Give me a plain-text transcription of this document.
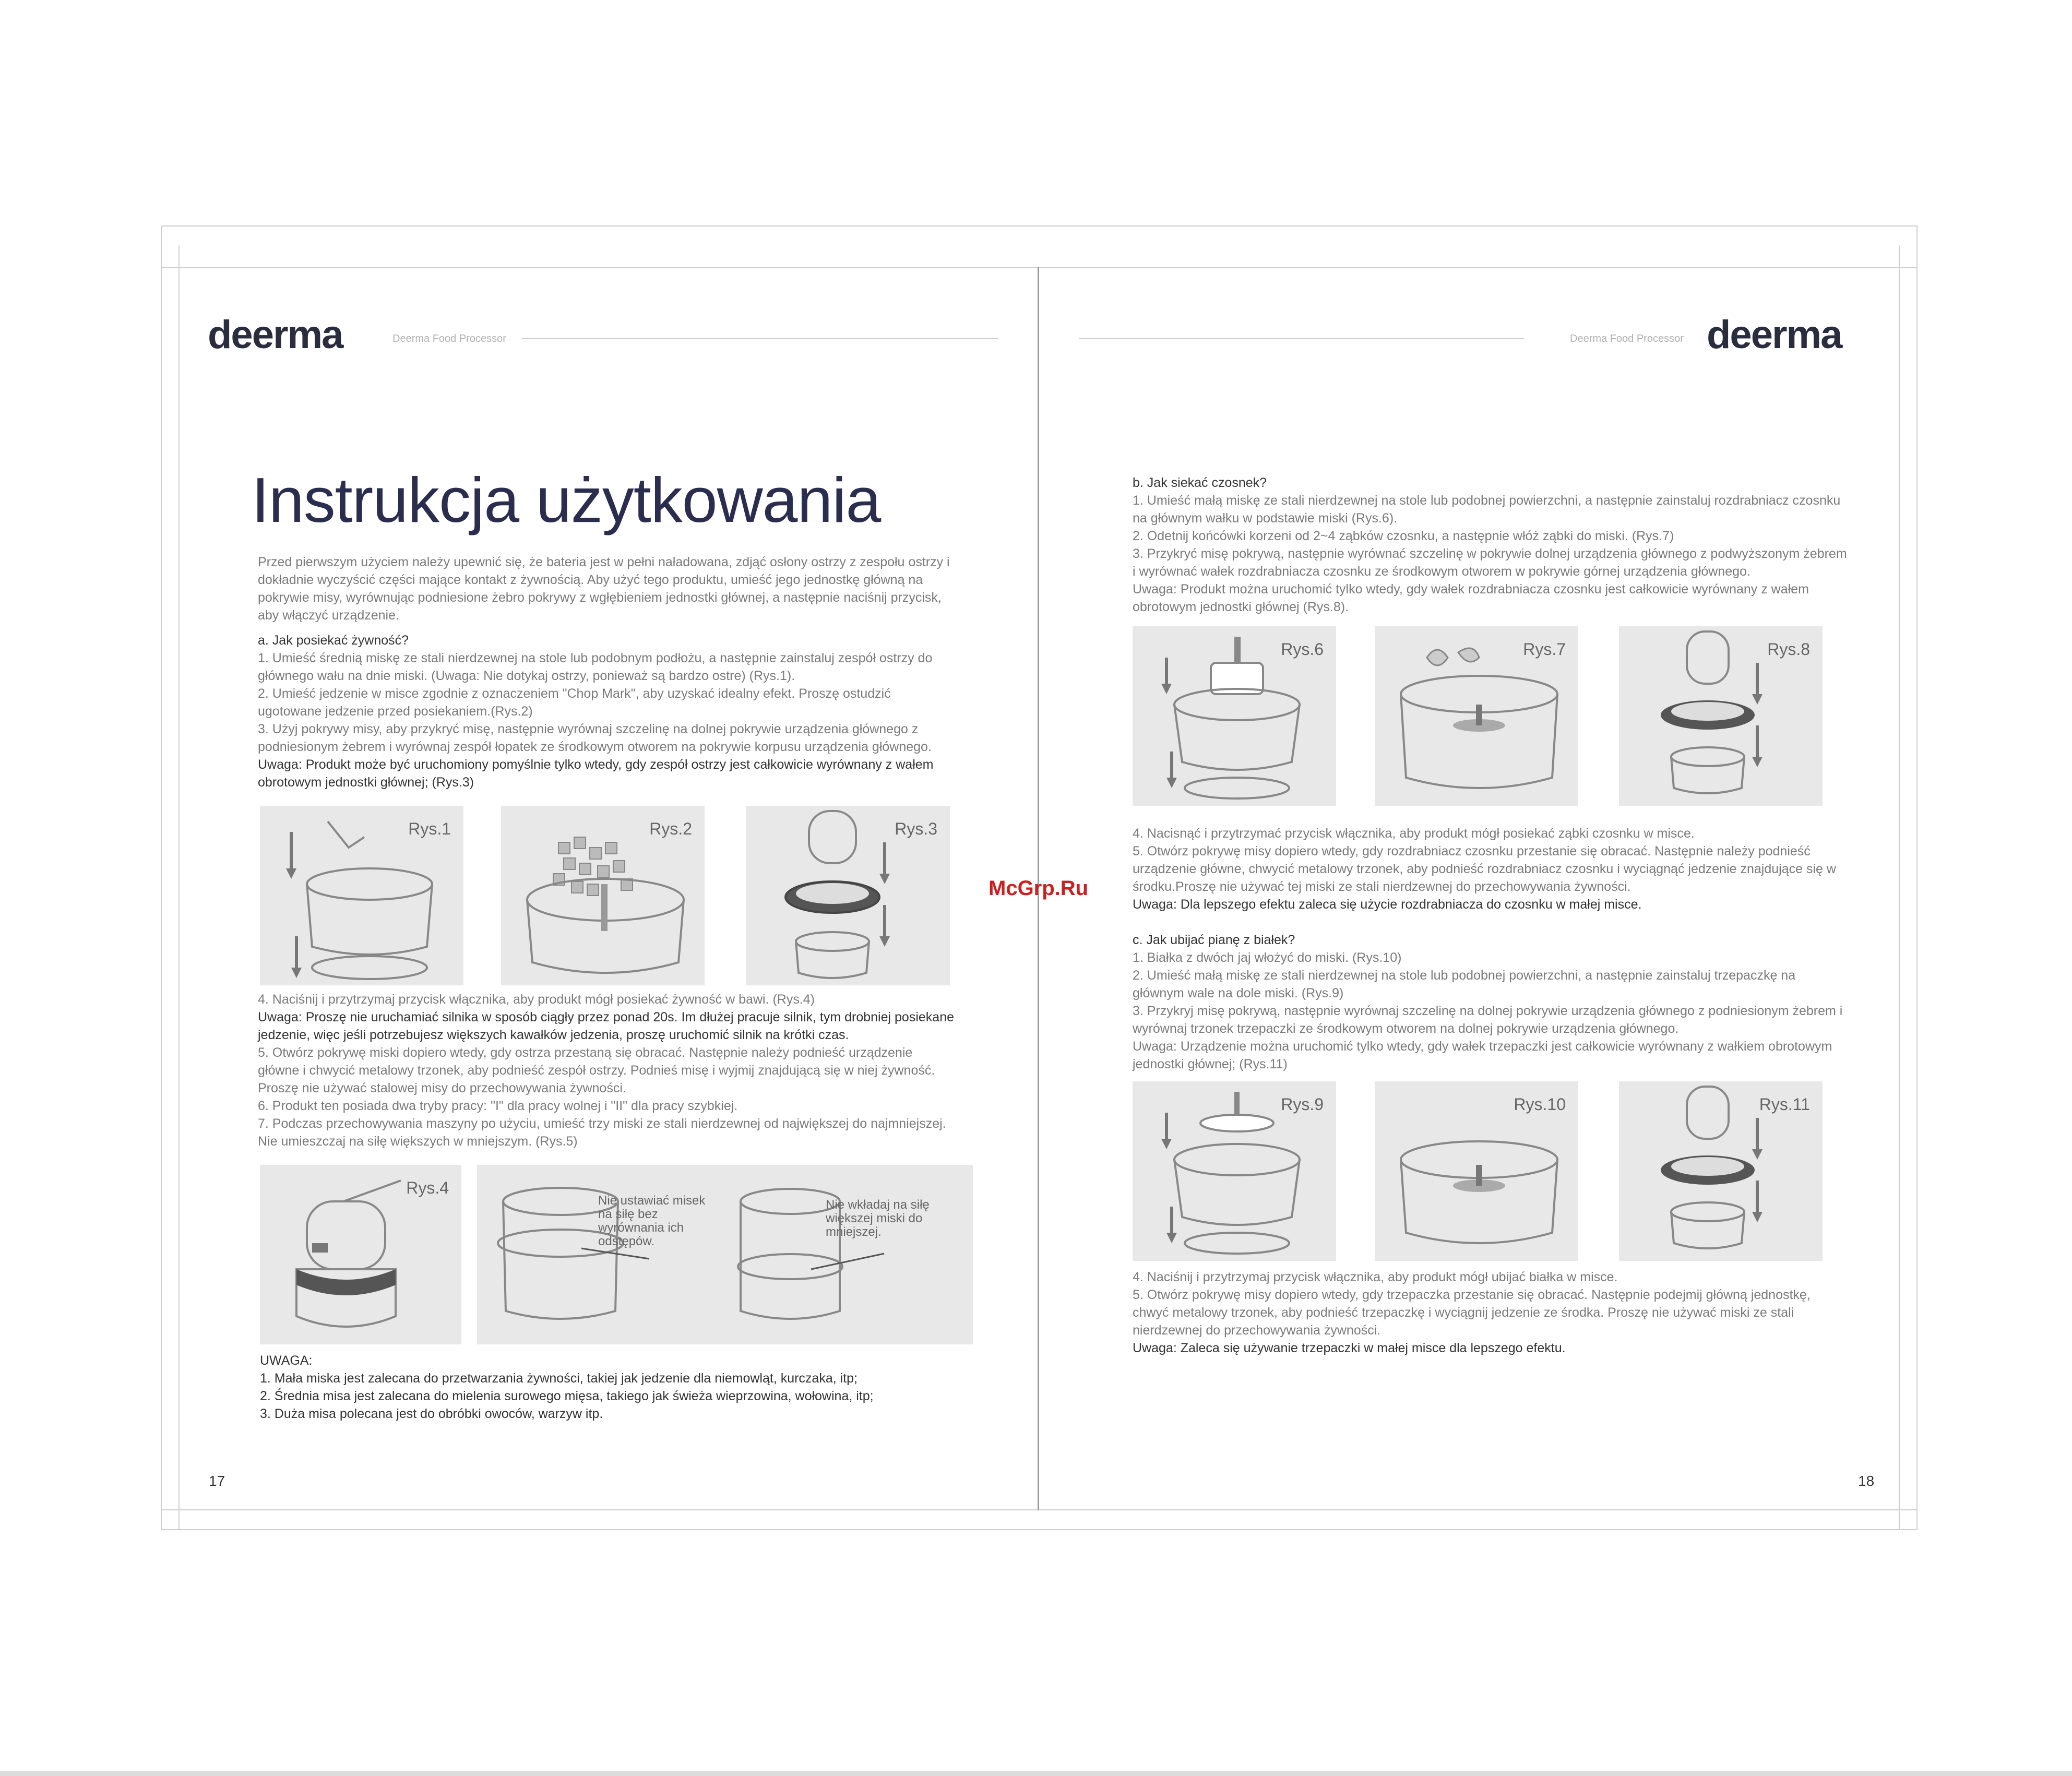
deerma	Deerma Food Processor	Deerma Food Processor deerma
Instrukcja użytkowania

Przed pierwszym użyciem należy upewnić się, że bateria jest w pełni naładowana, zdjąć osłony ostrzy z zespołu ostrzy i dokładnie wyczyścić części mające kontakt z żywnością. Aby użyć tego produktu, umieść jego jednostkę główną na pokrywie misy, wyrównując podniesione żebro pokrywy z wgłębieniem jednostki głównej, a następnie naciśnij przycisk, aby włączyć urządzenie.

a. Jak posiekać żywność?

1. Umieść średnią miskę ze stali nierdzewnej na stole lub podobnym podłożu, a następnie zainstaluj zespół ostrzy do głównego wału na dnie miski. (Uwaga: Nie dotykaj ostrzy, ponieważ są bardzo ostre) (Rys.1).

2. Umieść jedzenie w misce zgodnie z oznaczeniem "Chop Mark", aby uzyskać idealny efekt. Proszę ostudzić ugotowane jedzenie przed posiekaniem.(Rys.2)

3. Użyj pokrywy misy, aby przykryć misę, następnie wyrównaj szczelinę na dolnej pokrywie urządzenia głównego z podniesionym żebrem i wyrównaj zespół łopatek ze środkowym otworem na pokrywie korpusu urządzenia głównego.

Uwaga: Produkt może być uruchomiony pomyślnie tylko wtedy, gdy zespół ostrzy jest całkowicie wyrównany z wałem obrotowym jednostki głównej; (Rys.3)

Rys.1	Rys.2	Rys.3

4. Naciśnij i przytrzymaj przycisk włącznika, aby produkt mógł posiekać żywność w bawi. (Rys.4)

Uwaga: Proszę nie uruchamiać silnika w sposób ciągły przez ponad 20s. Im dłużej pracuje silnik, tym drobniej posiekane jedzenie, więc jeśli potrzebujesz większych kawałków jedzenia, proszę uruchomić silnik na krótki czas.

5. Otwórz pokrywę miski dopiero wtedy, gdy ostrza przestaną się obracać. Następnie należy podnieść urządzenie główne i chwycić metalowy trzonek, aby podnieść zespół ostrzy. Podnieś misę i wyjmij znajdującą się w niej żywność. Proszę nie używać stalowej misy do przechowywania żywności.

6. Produkt ten posiada dwa tryby pracy: "I" dla pracy wolnej i "II" dla pracy szybkiej.

7. Podczas przechowywania maszyny po użyciu, umieść trzy miski ze stali nierdzewnej od największej do najmniejszej. Nie umieszczaj na siłę większych w mniejszym. (Rys.5)

Rys.4
Nie ustawiać misek na siłę bez wyrównania ich odstępów.
Nie wkładaj na siłę większej miski do mniejszej.

UWAGA:

1. Mała miska jest zalecana do przetwarzania żywności, takiej jak jedzenie dla niemowląt, kurczaka, itp;

2. Średnia misa jest zalecana do mielenia surowego mięsa, takiego jak świeża wieprzowina, wołowina, itp;

3. Duża misa polecana jest do obróbki owoców, warzyw itp.

17
McGrp.Ru

b. Jak siekać czosnek?

1. Umieść małą miskę ze stali nierdzewnej na stole lub podobnej powierzchni, a następnie zainstaluj rozdrabniacz czosnku na głównym wałku w podstawie miski (Rys.6).

2. Odetnij końcówki korzeni od 2~4 ząbków czosnku, a następnie włóż ząbki do miski. (Rys.7)

3. Przykryć misę pokrywą, następnie wyrównać szczelinę w pokrywie dolnej urządzenia głównego z podwyższonym żebrem i wyrównać wałek rozdrabniacza czosnku ze środkowym otworem w pokrywie górnej urządzenia głównego.

Uwaga: Produkt można uruchomić tylko wtedy, gdy wałek rozdrabniacza czosnku jest całkowicie wyrównany z wałem obrotowym jednostki głównej (Rys.8).

Rys.6	Rys.7	Rys.8

4. Nacisnąć i przytrzymać przycisk włącznika, aby produkt mógł posiekać ząbki czosnku w misce.

5. Otwórz pokrywę misy dopiero wtedy, gdy rozdrabniacz czosnku przestanie się obracać. Następnie należy podnieść urządzenie główne, chwycić metalowy trzonek, aby podnieść rozdrabniacz czosnku i wyciągnąć jedzenie znajdujące się w środku.Proszę nie używać tej miski ze stali nierdzewnej do przechowywania żywności.

Uwaga: Dla lepszego efektu zaleca się użycie rozdrabniacza do czosnku w małej misce.

c. Jak ubijać pianę z białek?

1. Białka z dwóch jaj włożyć do miski. (Rys.10)

2. Umieść małą miskę ze stali nierdzewnej na stole lub podobnej powierzchni, a następnie zainstaluj trzepaczkę na głównym wale na dole miski. (Rys.9)

3. Przykryj misę pokrywą, następnie wyrównaj szczelinę na dolnej pokrywie urządzenia głównego z podniesionym żebrem i wyrównaj trzonek trzepaczki ze środkowym otworem na dolnej pokrywie urządzenia głównego.

Uwaga: Urządzenie można uruchomić tylko wtedy, gdy wałek trzepaczki jest całkowicie wyrównany z wałkiem obrotowym jednostki głównej; (Rys.11)

Rys.9	Rys.10	Rys.11

4. Naciśnij i przytrzymaj przycisk włącznika, aby produkt mógł ubijać białka w misce.

5. Otwórz pokrywę misy dopiero wtedy, gdy trzepaczka przestanie się obracać. Następnie podejmij główną jednostkę, chwyć metalowy trzonek, aby podnieść trzepaczkę i wyciągnij jedzenie ze środka. Proszę nie używać miski ze stali nierdzewnej do przechowywania żywności.

Uwaga: Zaleca się używanie trzepaczki w małej misce dla lepszego efektu.

18
